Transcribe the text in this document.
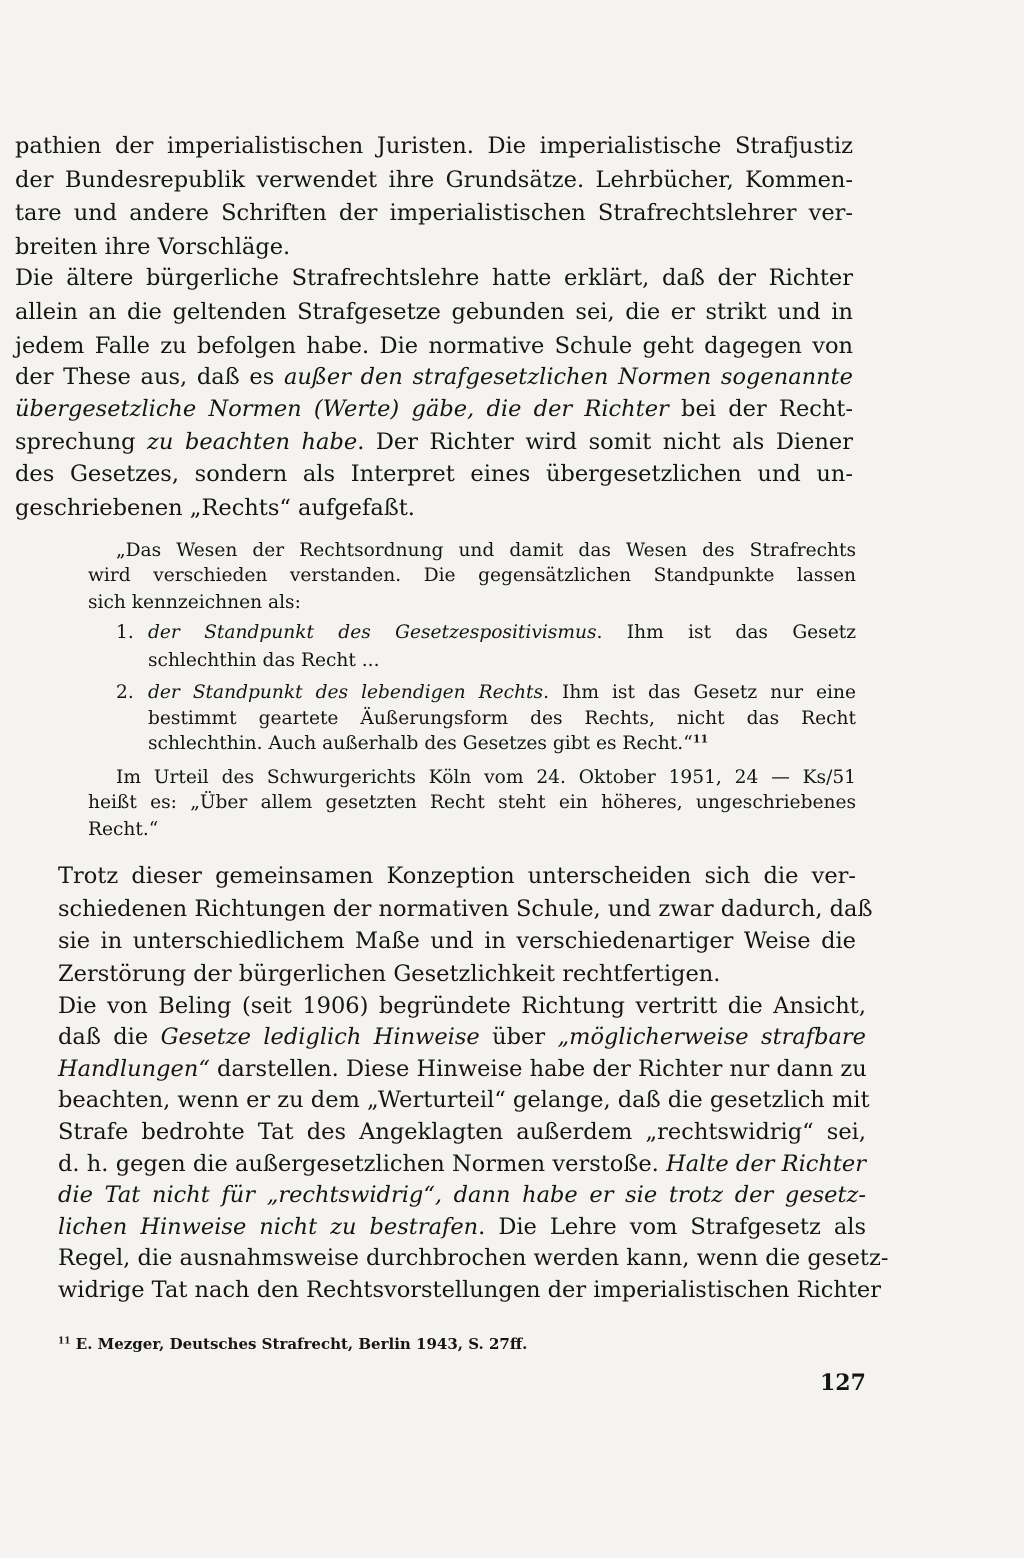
pathien der imperialistischen Juristen. Die imperialistische Strafjustiz
der Bundesrepublik verwendet ihre Grundsätze. Lehrbücher, Kommen-
tare und andere Schriften der imperialistischen Strafrechtslehrer ver-
breiten ihre Vorschläge.
Die ältere bürgerliche Strafrechtslehre hatte erklärt, daß der Richter
allein an die geltenden Strafgesetze gebunden sei, die er strikt und in
jedem Falle zu befolgen habe. Die normative Schule geht dagegen von
der These aus, daß es außer den strafgesetzlichen Normen sogenannte
übergesetzliche Normen (Werte) gäbe, die der Richter bei der Recht-
sprechung zu beachten habe. Der Richter wird somit nicht als Diener
des Gesetzes, sondern als Interpret eines übergesetzlichen und un-
geschriebenen „Rechts“ aufgefaßt.
„Das Wesen der Rechtsordnung und damit das Wesen des Strafrechts
wird verschieden verstanden. Die gegensätzlichen Standpunkte lassen
sich kennzeichnen als:
1. der Standpunkt des Gesetzespositivismus. Ihm ist das Gesetz
schlechthin das Recht ...
2. der Standpunkt des lebendigen Rechts. Ihm ist das Gesetz nur eine
bestimmt geartete Äußerungsform des Rechts, nicht das Recht
schlechthin. Auch außerhalb des Gesetzes gibt es Recht.“$^{11}$
Im Urteil des Schwurgerichts Köln vom 24. Oktober 1951, 24 — Ks/51
heißt es: „Über allem gesetzten Recht steht ein höheres, ungeschriebenes
Recht.“
Trotz dieser gemeinsamen Konzeption unterscheiden sich die ver-
schiedenen Richtungen der normativen Schule, und zwar dadurch, daß
sie in unterschiedlichem Maße und in verschiedenartiger Weise die
Zerstörung der bürgerlichen Gesetzlichkeit rechtfertigen.
Die von Beling (seit 1906) begründete Richtung vertritt die Ansicht,
daß die Gesetze lediglich Hinweise über „möglicherweise strafbare
Handlungen“ darstellen. Diese Hinweise habe der Richter nur dann zu
beachten, wenn er zu dem „Werturteil“ gelange, daß die gesetzlich mit
Strafe bedrohte Tat des Angeklagten außerdem „rechtswidrig“ sei,
d. h. gegen die außergesetzlichen Normen verstoße. Halte der Richter
die Tat nicht für „rechtswidrig“, dann habe er sie trotz der gesetz-
lichen Hinweise nicht zu bestrafen. Die Lehre vom Strafgesetz als
Regel, die ausnahmsweise durchbrochen werden kann, wenn die gesetz-
widrige Tat nach den Rechtsvorstellungen der imperialistischen Richter
$^{11}$ E. Mezger, Deutsches Strafrecht, Berlin 1943, S. 27ff.
127
